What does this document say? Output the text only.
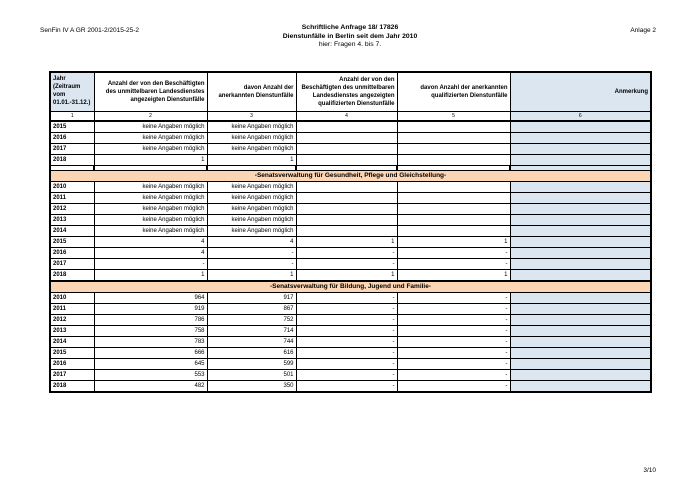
SenFin IV A GR 2001-2/2015-25-2	Schriftliche Anfrage 18/ 17826
Dienstunfälle in Berlin seit dem Jahr 2010
hier: Fragen 4. bis 7.
Anlage 2
Jahr (Zeitraum vom 01.01.-31.12.)	Anzahl der von den Beschäftigten des unmittelbaren Landesdienstes angezeigten Dienstunfälle	davon Anzahl der anerkannten Dienstunfälle	Anzahl der von den Beschäftigten des unmittelbaren Landesdienstes angezeigten qualifizierten Dienstunfälle	davon Anzahl der anerkannten qualifizierten Dienstunfälle	Anmerkung
1	2	3	4	5	6
2015	keine Angaben möglich	keine Angaben möglich			
2016	keine Angaben möglich	keine Angaben möglich			
2017	keine Angaben möglich	keine Angaben möglich			
2018	1	1			

-Senatsverwaltung für Gesundheit, Pflege und Gleichstellung-					
2010	keine Angaben möglich	keine Angaben möglich			
2011	keine Angaben möglich	keine Angaben möglich			
2012	keine Angaben möglich	keine Angaben möglich			
2013	keine Angaben möglich	keine Angaben möglich			
2014	keine Angaben möglich	keine Angaben möglich			
2015	4	4	1	1	
2016	4	-	-	-	
2017	-	-	-	-	
2018	1	1	1	1	
-Senatsverwaltung für Bildung, Jugend und Familie-					
2010	964	917	-	-	
2011	919	867	-	-	
2012	786	752	-	-	
2013	758	714	-	-	
2014	783	744	-	-	
2015	666	616	-	-	
2016	645	599	-	-	
2017	553	501	-	-	
2018	482	350	-	-	
3/10
